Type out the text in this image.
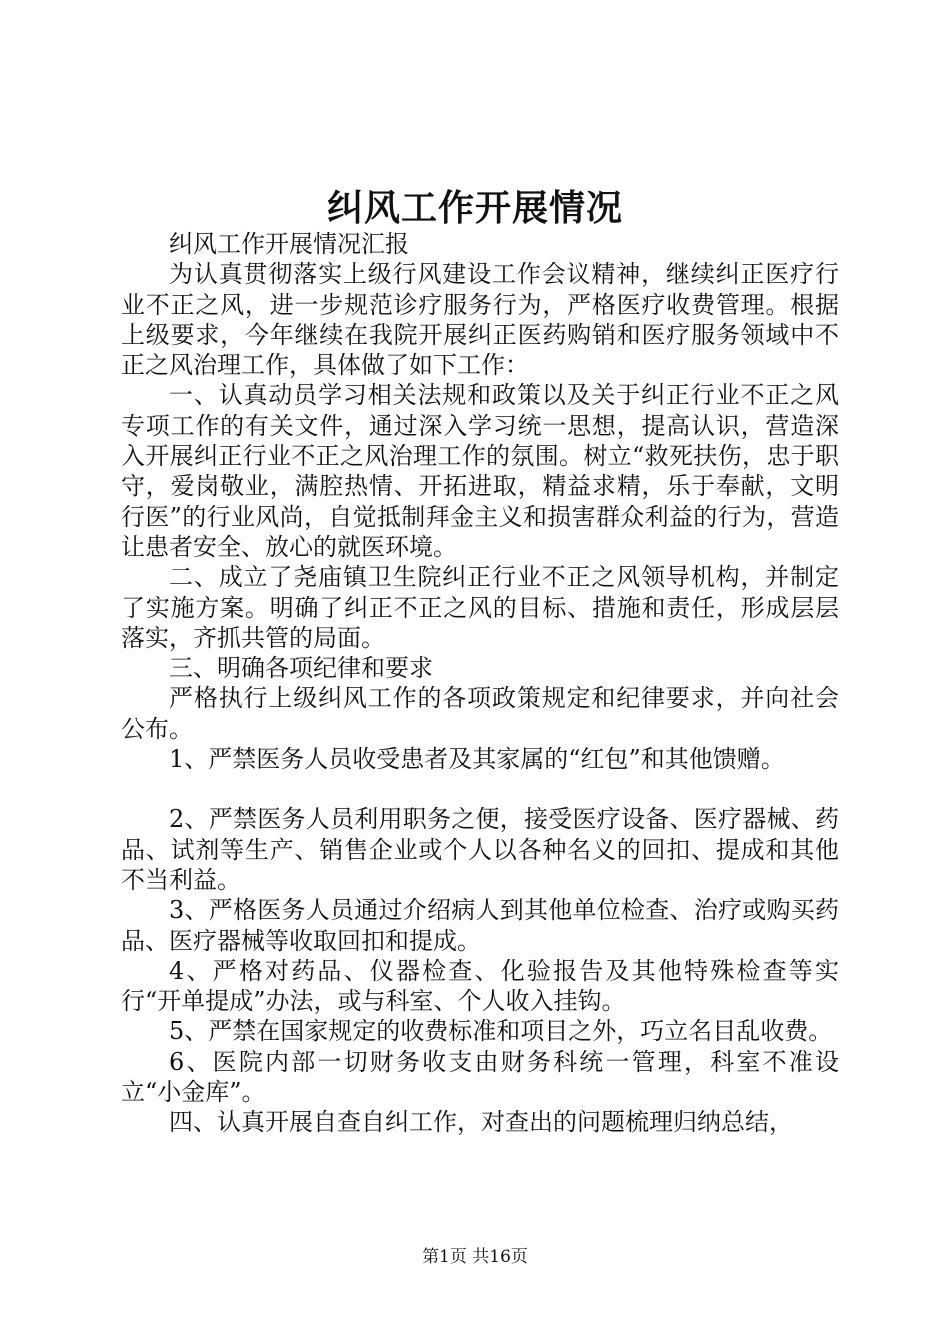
纠风工作开展情况

纠风工作开展情况汇报

为认真贯彻落实上级行风建设工作会议精神，继续纠正医疗行业不正之风，进一步规范诊疗服务行为，严格医疗收费管理。根据上级要求，今年继续在我院开展纠正医药购销和医疗服务领域中不正之风治理工作，具体做了如下工作：

一、认真动员学习相关法规和政策以及关于纠正行业不正之风专项工作的有关文件，通过深入学习统一思想，提高认识，营造深入开展纠正行业不正之风治理工作的氛围。树立“救死扶伤，忠于职守，爱岗敬业，满腔热情、开拓进取，精益求精，乐于奉献，文明行医”的行业风尚，自觉抵制拜金主义和损害群众利益的行为，营造让患者安全、放心的就医环境。

二、成立了尧庙镇卫生院纠正行业不正之风领导机构，并制定了实施方案。明确了纠正不正之风的目标、措施和责任，形成层层落实，齐抓共管的局面。

三、明确各项纪律和要求

严格执行上级纠风工作的各项政策规定和纪律要求，并向社会公布。

1、严禁医务人员收受患者及其家属的“红包”和其他馈赠。

2、严禁医务人员利用职务之便，接受医疗设备、医疗器械、药品、试剂等生产、销售企业或个人以各种名义的回扣、提成和其他不当利益。

3、严格医务人员通过介绍病人到其他单位检查、治疗或购买药品、医疗器械等收取回扣和提成。

4、严格对药品、仪器检查、化验报告及其他特殊检查等实行“开单提成”办法，或与科室、个人收入挂钩。

5、严禁在国家规定的收费标准和项目之外，巧立名目乱收费。

6、医院内部一切财务收支由财务科统一管理，科室不准设立“小金库”。

四、认真开展自查自纠工作，对查出的问题梳理归纳总结，

第1页 共16页
